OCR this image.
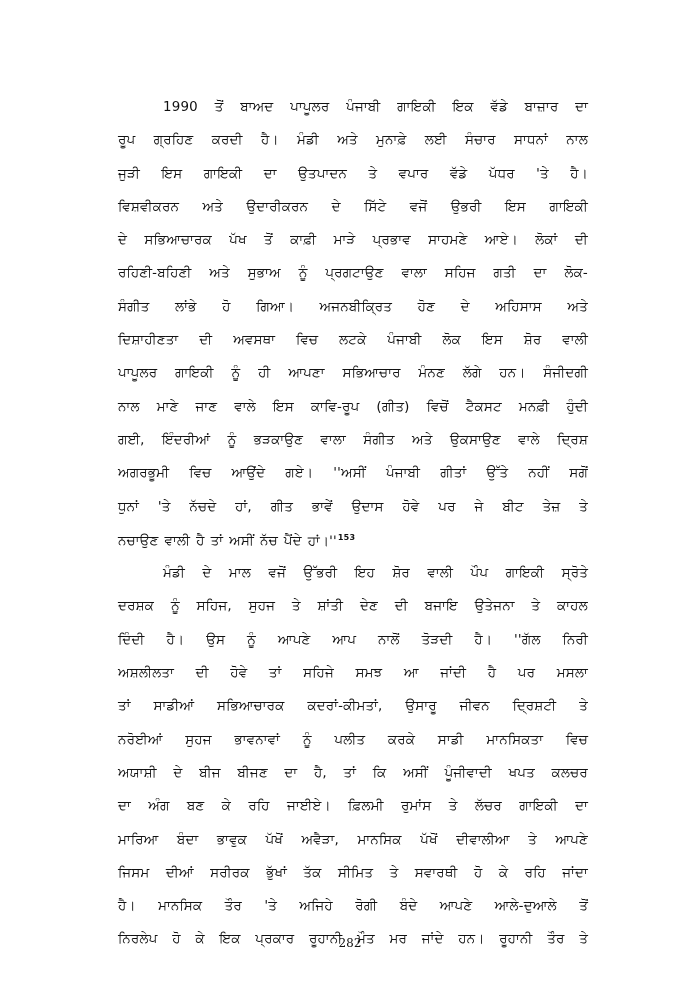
1990 ਤੋਂ ਬਾਅਦ ਪਾਪੂਲਰ ਪੰਜਾਬੀ ਗਾਇਕੀ ਇਕ ਵੱਡੇ ਬਾਜ਼ਾਰ ਦਾ
ਰੂਪ ਗ੍ਰਹਿਣ ਕਰਦੀ ਹੈ। ਮੰਡੀ ਅਤੇ ਮੁਨਾਫ਼ੇ ਲਈ ਸੰਚਾਰ ਸਾਧਨਾਂ ਨਾਲ
ਜੁੜੀ ਇਸ ਗਾਇਕੀ ਦਾ ਉਤਪਾਦਨ ਤੇ ਵਪਾਰ ਵੱਡੇ ਪੱਧਰ 'ਤੇ ਹੈ।
ਵਿਸ਼ਵੀਕਰਨ ਅਤੇ ਉਦਾਰੀਕਰਨ ਦੇ ਸਿੱਟੇ ਵਜੋਂ ਉਭਰੀ ਇਸ ਗਾਇਕੀ
ਦੇ ਸਭਿਆਚਾਰਕ ਪੱਖ ਤੋਂ ਕਾਫ਼ੀ ਮਾੜੇ ਪ੍ਰਭਾਵ ਸਾਹਮਣੇ ਆਏ। ਲੋਕਾਂ ਦੀ
ਰਹਿਣੀ-ਬਹਿਣੀ ਅਤੇ ਸੁਭਾਅ ਨੂੰ ਪ੍ਰਗਟਾਉਣ ਵਾਲਾ ਸਹਿਜ ਗਤੀ ਦਾ ਲੋਕ-
ਸੰਗੀਤ ਲਾਂਭੇ ਹੋ ਗਿਆ। ਅਜਨਬੀਕ੍ਰਿਤ ਹੋਣ ਦੇ ਅਹਿਸਾਸ ਅਤੇ
ਦਿਸ਼ਾਹੀਣਤਾ ਦੀ ਅਵਸਥਾ ਵਿਚ ਲਟਕੇ ਪੰਜਾਬੀ ਲੋਕ ਇਸ ਸ਼ੋਰ ਵਾਲੀ
ਪਾਪੂਲਰ ਗਾਇਕੀ ਨੂੰ ਹੀ ਆਪਣਾ ਸਭਿਆਚਾਰ ਮੰਨਣ ਲੱਗੇ ਹਨ। ਸੰਜੀਦਗੀ
ਨਾਲ ਮਾਣੇ ਜਾਣ ਵਾਲੇ ਇਸ ਕਾਵਿ-ਰੂਪ (ਗੀਤ) ਵਿਚੋਂ ਟੈਕਸਟ ਮਨਫ਼ੀ ਹੁੰਦੀ
ਗਈ, ਇੰਦਰੀਆਂ ਨੂੰ ਭੜਕਾਉਣ ਵਾਲਾ ਸੰਗੀਤ ਅਤੇ ਉਕਸਾਉਣ ਵਾਲੇ ਦ੍ਰਿਸ਼
ਅਗਰਭੂਮੀ ਵਿਚ ਆਉਂਦੇ ਗਏ। ''ਅਸੀਂ ਪੰਜਾਬੀ ਗੀਤਾਂ ਉੱਤੇ ਨਹੀਂ ਸਗੋਂ
ਧੁਨਾਂ 'ਤੇ ਨੱਚਦੇ ਹਾਂ, ਗੀਤ ਭਾਵੇਂ ਉਦਾਸ ਹੋਵੇ ਪਰ ਜੇ ਬੀਟ ਤੇਜ਼ ਤੇ
ਨਚਾਉਣ ਵਾਲੀ ਹੈ ਤਾਂ ਅਸੀਂ ਨੱਚ ਪੈਂਦੇ ਹਾਂ।''$^{153}$
ਮੰਡੀ ਦੇ ਮਾਲ ਵਜੋਂ ਉੱਭਰੀ ਇਹ ਸ਼ੋਰ ਵਾਲੀ ਪੌਪ ਗਾਇਕੀ ਸ੍ਰੋਤੇ
ਦਰਸ਼ਕ ਨੂੰ ਸਹਿਜ, ਸੁਹਜ ਤੇ ਸ਼ਾਂਤੀ ਦੇਣ ਦੀ ਬਜਾਇ ਉਤੇਜਨਾ ਤੇ ਕਾਹਲ
ਦਿੰਦੀ ਹੈ। ਉਸ ਨੂੰ ਆਪਣੇ ਆਪ ਨਾਲੋਂ ਤੋੜਦੀ ਹੈ। ''ਗੱਲ ਨਿਰੀ
ਅਸ਼ਲੀਲਤਾ ਦੀ ਹੋਵੇ ਤਾਂ ਸਹਿਜੇ ਸਮਝ ਆ ਜਾਂਦੀ ਹੈ ਪਰ ਮਸਲਾ
ਤਾਂ ਸਾਡੀਆਂ ਸਭਿਆਚਾਰਕ ਕਦਰਾਂ-ਕੀਮਤਾਂ, ਉਸਾਰੂ ਜੀਵਨ ਦ੍ਰਿਸ਼ਟੀ ਤੇ
ਨਰੋਈਆਂ ਸੁਹਜ ਭਾਵਨਾਵਾਂ ਨੂੰ ਪਲੀਤ ਕਰਕੇ ਸਾਡੀ ਮਾਨਸਿਕਤਾ ਵਿਚ
ਅਯਾਸ਼ੀ ਦੇ ਬੀਜ ਬੀਜਣ ਦਾ ਹੈ, ਤਾਂ ਕਿ ਅਸੀਂ ਪੂੰਜੀਵਾਦੀ ਖਪਤ ਕਲਚਰ
ਦਾ ਅੰਗ ਬਣ ਕੇ ਰਹਿ ਜਾਈਏ। ਫ਼ਿਲਮੀ ਰੁਮਾਂਸ ਤੇ ਲੱਚਰ ਗਾਇਕੀ ਦਾ
ਮਾਰਿਆ ਬੰਦਾ ਭਾਵੁਕ ਪੱਖੋਂ ਅਵੈੜਾ, ਮਾਨਸਿਕ ਪੱਖੋਂ ਦੀਵਾਲੀਆ ਤੇ ਆਪਣੇ
ਜਿਸਮ ਦੀਆਂ ਸਰੀਰਕ ਭੁੱਖਾਂ ਤੱਕ ਸੀਮਿਤ ਤੇ ਸਵਾਰਥੀ ਹੋ ਕੇ ਰਹਿ ਜਾਂਦਾ
ਹੈ। ਮਾਨਸਿਕ ਤੌਰ 'ਤੇ ਅਜਿਹੇ ਰੋਗੀ ਬੰਦੇ ਆਪਣੇ ਆਲੇ-ਦੁਆਲੇ ਤੋਂ
ਨਿਰਲੇਪ ਹੋ ਕੇ ਇਕ ਪ੍ਰਕਾਰ ਰੂਹਾਨੀ ਮੌਤ ਮਰ ਜਾਂਦੇ ਹਨ। ਰੂਹਾਨੀ ਤੌਰ ਤੇ
282
